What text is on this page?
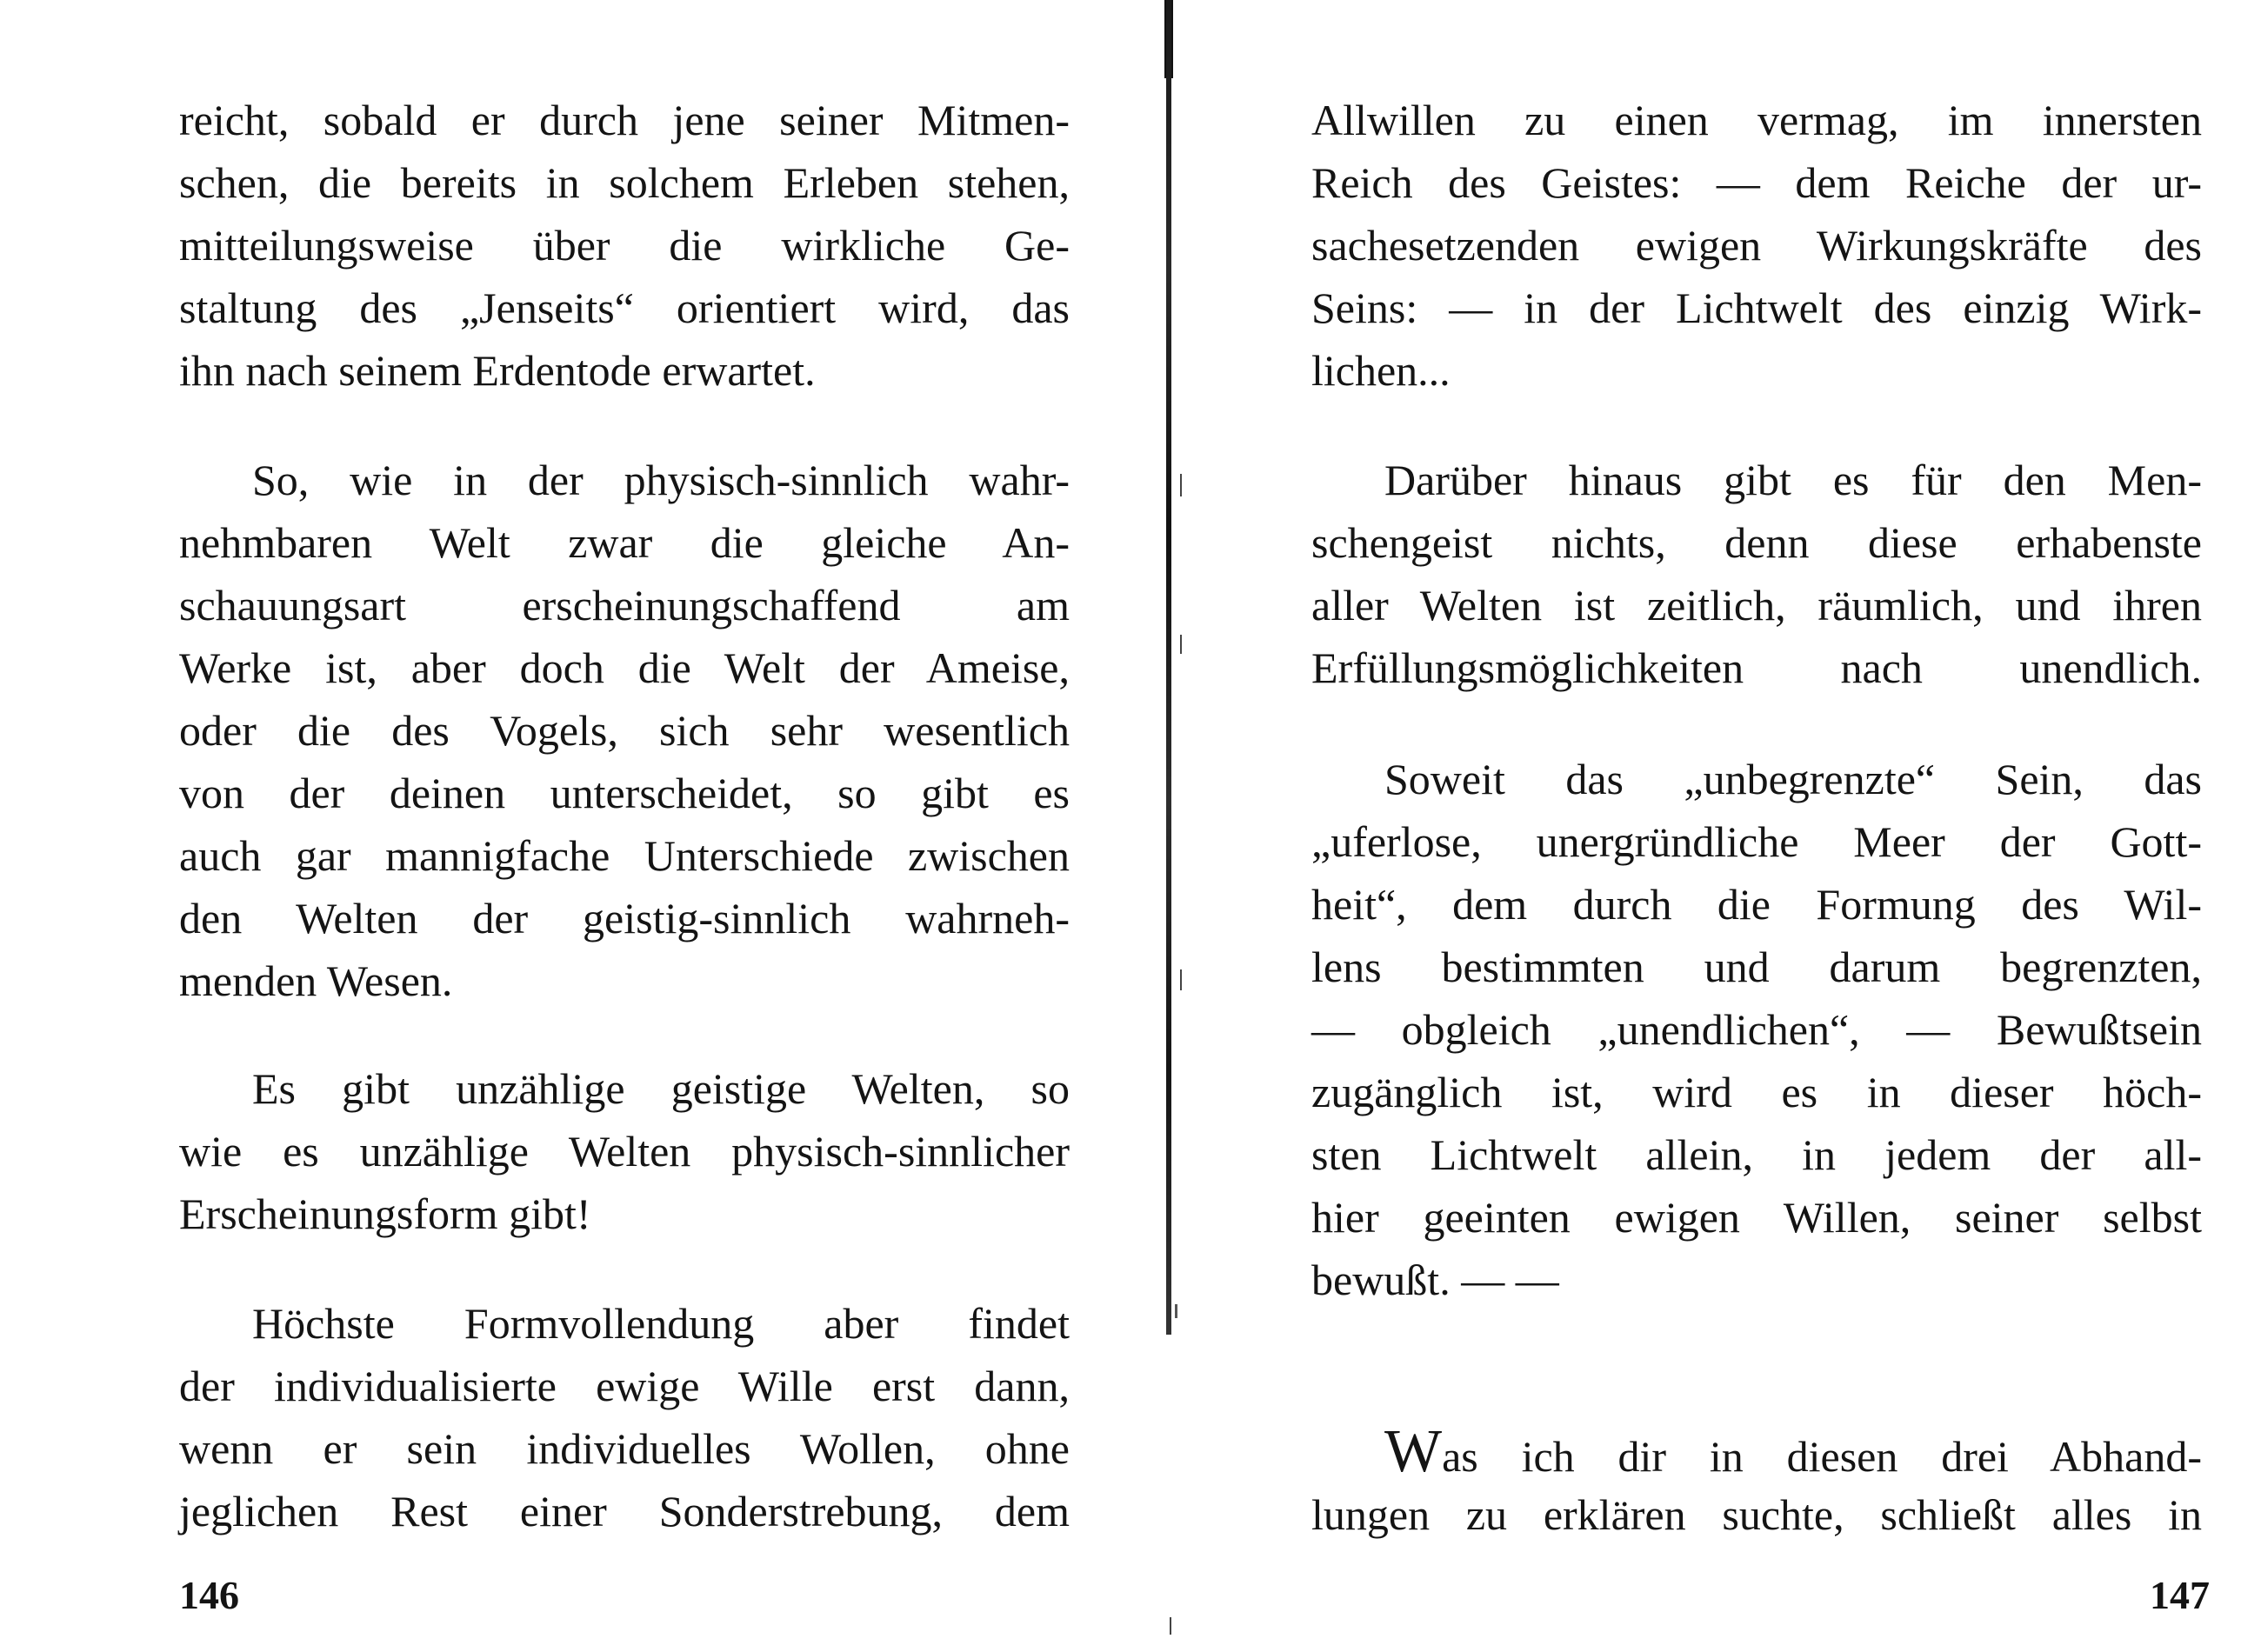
reicht, sobald er durch jene seiner Mitmen-
schen, die bereits in solchem Erleben stehen,
mitteilungsweise über die wirkliche Ge-
staltung des „Jenseits“ orientiert wird, das
ihn nach seinem Erdentode erwartet.
So, wie in der physisch-sinnlich wahr-
nehmbaren Welt zwar die gleiche An-
schauungsart erscheinungschaffend am
Werke ist, aber doch die Welt der Ameise,
oder die des Vogels, sich sehr wesentlich
von der deinen unterscheidet, so gibt es
auch gar mannigfache Unterschiede zwischen
den Welten der geistig-sinnlich wahrneh-
menden Wesen.
Es gibt unzählige geistige Welten, so
wie es unzählige Welten physisch-sinnlicher
Erscheinungsform gibt!
Höchste Formvollendung aber findet
der individualisierte ewige Wille erst dann,
wenn er sein individuelles Wollen, ohne
jeglichen Rest einer Sonderstrebung, dem
146
Allwillen zu einen vermag, im innersten
Reich des Geistes: — dem Reiche der ur-
sachesetzenden ewigen Wirkungskräfte des
Seins: — in der Lichtwelt des einzig Wirk-
lichen...
Darüber hinaus gibt es für den Men-
schengeist nichts, denn diese erhabenste
aller Welten ist zeitlich, räumlich, und ihren
Erfüllungsmöglichkeiten nach unendlich.
Soweit das „unbegrenzte“ Sein, das
„uferlose, unergründliche Meer der Gott-
heit“, dem durch die Formung des Wil-
lens bestimmten und darum begrenzten,
— obgleich „unendlichen“, — Bewußtsein
zugänglich ist, wird es in dieser höch-
sten Lichtwelt allein, in jedem der all-
hier geeinten ewigen Willen, seiner selbst
bewußt. — —
Was ich dir in diesen drei Abhand-
lungen zu erklären suchte, schließt alles in
147
